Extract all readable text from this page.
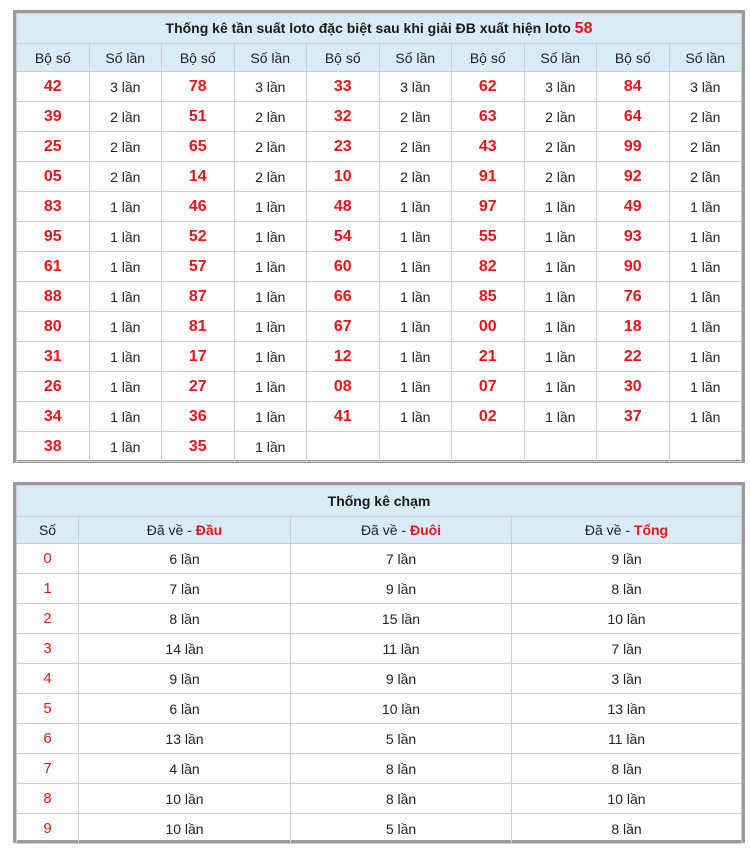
Thống kê tần suất loto đặc biệt sau khi giải ĐB xuất hiện loto 58									
Bộ số	Số lần	Bộ số	Số lần	Bộ số	Số lần	Bộ số	Số lần	Bộ số	Số lần
42	3 lần	78	3 lần	33	3 lần	62	3 lần	84	3 lần
39	2 lần	51	2 lần	32	2 lần	63	2 lần	64	2 lần
25	2 lần	65	2 lần	23	2 lần	43	2 lần	99	2 lần
05	2 lần	14	2 lần	10	2 lần	91	2 lần	92	2 lần
83	1 lần	46	1 lần	48	1 lần	97	1 lần	49	1 lần
95	1 lần	52	1 lần	54	1 lần	55	1 lần	93	1 lần
61	1 lần	57	1 lần	60	1 lần	82	1 lần	90	1 lần
88	1 lần	87	1 lần	66	1 lần	85	1 lần	76	1 lần
80	1 lần	81	1 lần	67	1 lần	00	1 lần	18	1 lần
31	1 lần	17	1 lần	12	1 lần	21	1 lần	22	1 lần
26	1 lần	27	1 lần	08	1 lần	07	1 lần	30	1 lần
34	1 lần	36	1 lần	41	1 lần	02	1 lần	37	1 lần
38	1 lần	35	1 lần						
Thống kê chạm			
Số	Đã về - Đầu	Đã về - Đuôi	Đã về - Tổng
0	6 lần	7 lần	9 lần
1	7 lần	9 lần	8 lần
2	8 lần	15 lần	10 lần
3	14 lần	11 lần	7 lần
4	9 lần	9 lần	3 lần
5	6 lần	10 lần	13 lần
6	13 lần	5 lần	11 lần
7	4 lần	8 lần	8 lần
8	10 lần	8 lần	10 lần
9	10 lần	5 lần	8 lần
